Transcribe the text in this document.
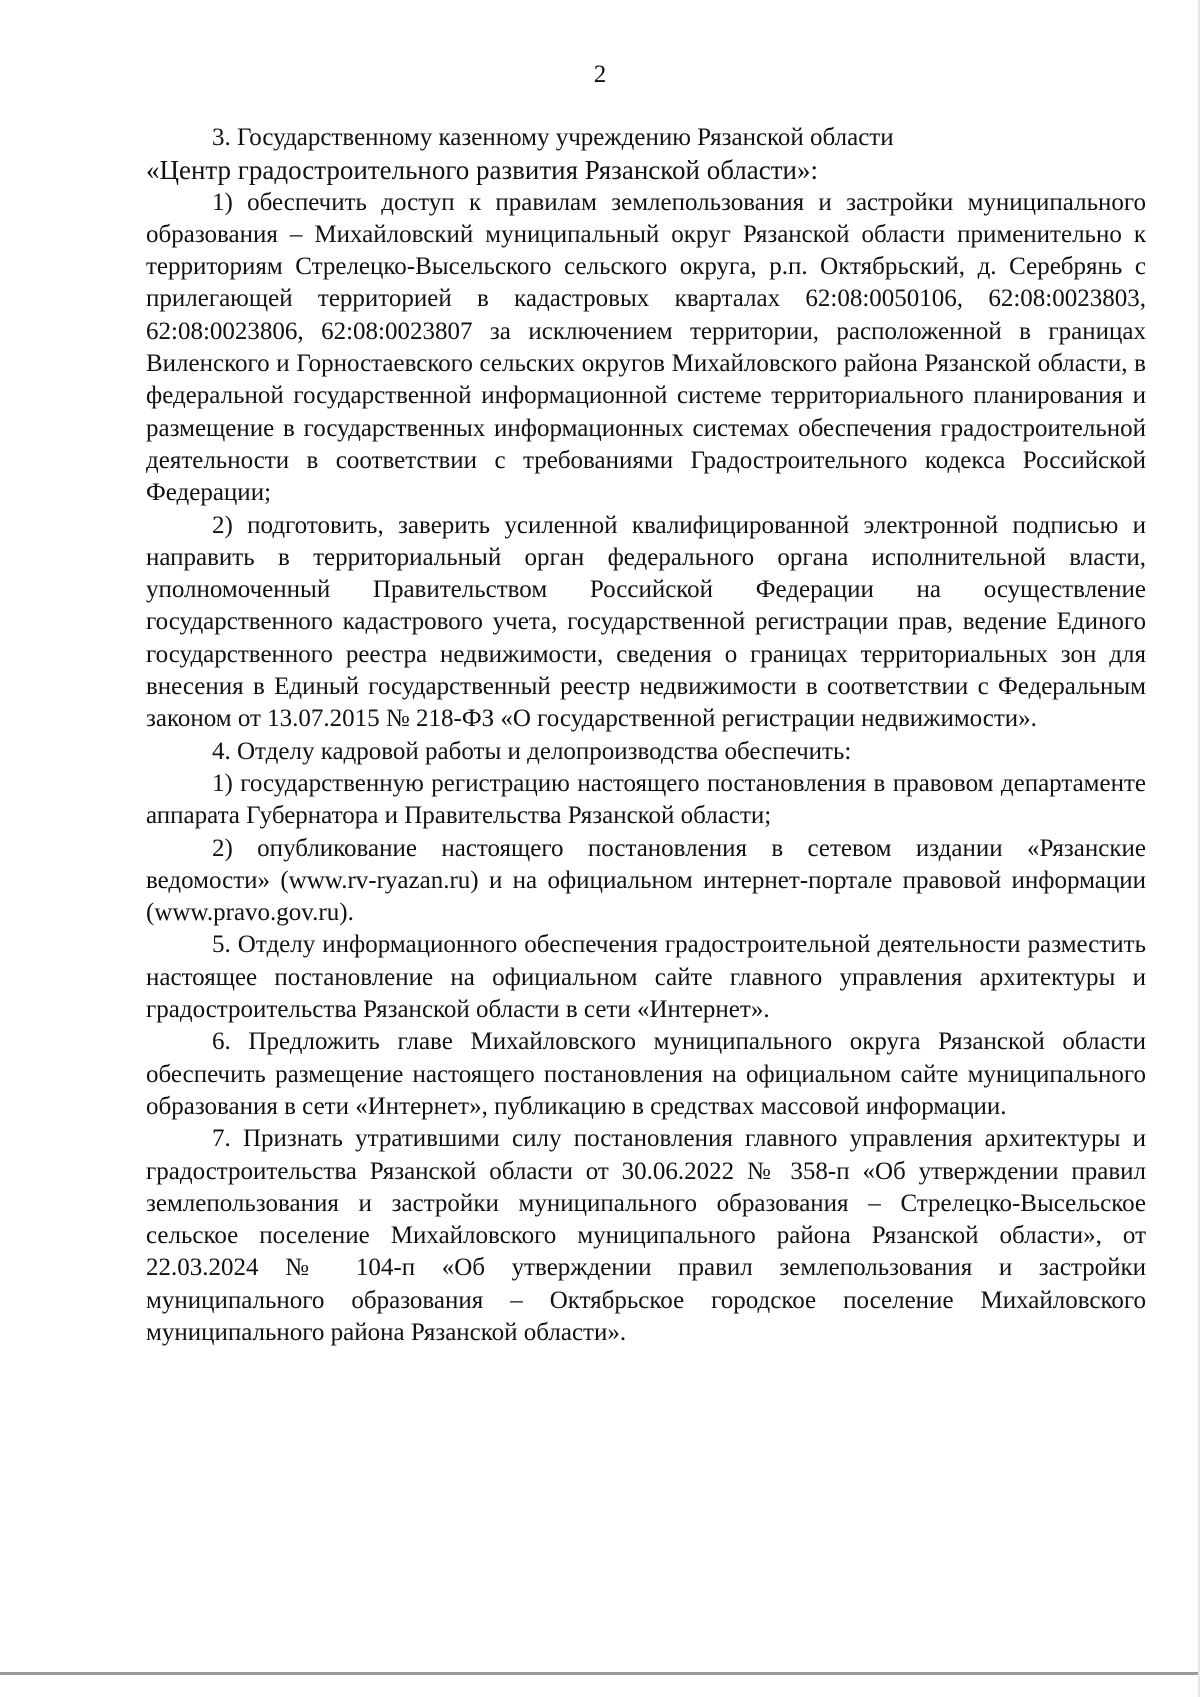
2

3. Государственному казенному учреждению Рязанской области

«Центр градостроительного развития Рязанской области»:

1) обеспечить доступ к правилам землепользования и застройки муниципального образования – Михайловский муниципальный округ Рязанской области применительно к территориям Стрелецко-Высельского сельского округа, р.п. Октябрьский, д. Серебрянь с прилегающей территорией в кадастровых кварталах 62:08:0050106, 62:08:0023803, 62:08:0023806, 62:08:0023807 за исключением территории, расположенной в границах Виленского и Горностаевского сельских округов Михайловского района Рязанской области, в федеральной государственной информационной системе территориального планирования и размещение в государственных информационных системах обеспечения градостроительной деятельности в соответствии с требованиями Градостроительного кодекса Российской Федерации;

2) подготовить, заверить усиленной квалифицированной электронной подписью и направить в территориальный орган федерального органа исполнительной власти, уполномоченный Правительством Российской Федерации на осуществление государственного кадастрового учета, государственной регистрации прав, ведение Единого государственного реестра недвижимости, сведения о границах территориальных зон для внесения в Единый государственный реестр недвижимости в соответствии с Федеральным законом от 13.07.2015 № 218-ФЗ «О государственной регистрации недвижимости».

4. Отделу кадровой работы и делопроизводства обеспечить:

1) государственную регистрацию настоящего постановления в правовом департаменте аппарата Губернатора и Правительства Рязанской области;

2) опубликование настоящего постановления в сетевом издании «Рязанские ведомости» (www.rv-ryazan.ru) и на официальном интернет-портале правовой информации (www.pravo.gov.ru).

5. Отделу информационного обеспечения градостроительной деятельности разместить настоящее постановление на официальном сайте главного управления архитектуры и градостроительства Рязанской области в сети «Интернет».

6. Предложить главе Михайловского муниципального округа Рязанской области обеспечить размещение настоящего постановления на официальном сайте муниципального образования в сети «Интернет», публикацию в средствах массовой информации.

7. Признать утратившими силу постановления главного управления архитектуры и градостроительства Рязанской области от 30.06.2022 № 358-п «Об утверждении правил землепользования и застройки муниципального образования – Стрелецко-Высельское сельское поселение Михайловского муниципального района Рязанской области», от 22.03.2024 № 104-п «Об утверждении правил землепользования и застройки муниципального образования – Октябрьское городское поселение Михайловского муниципального района Рязанской области».
